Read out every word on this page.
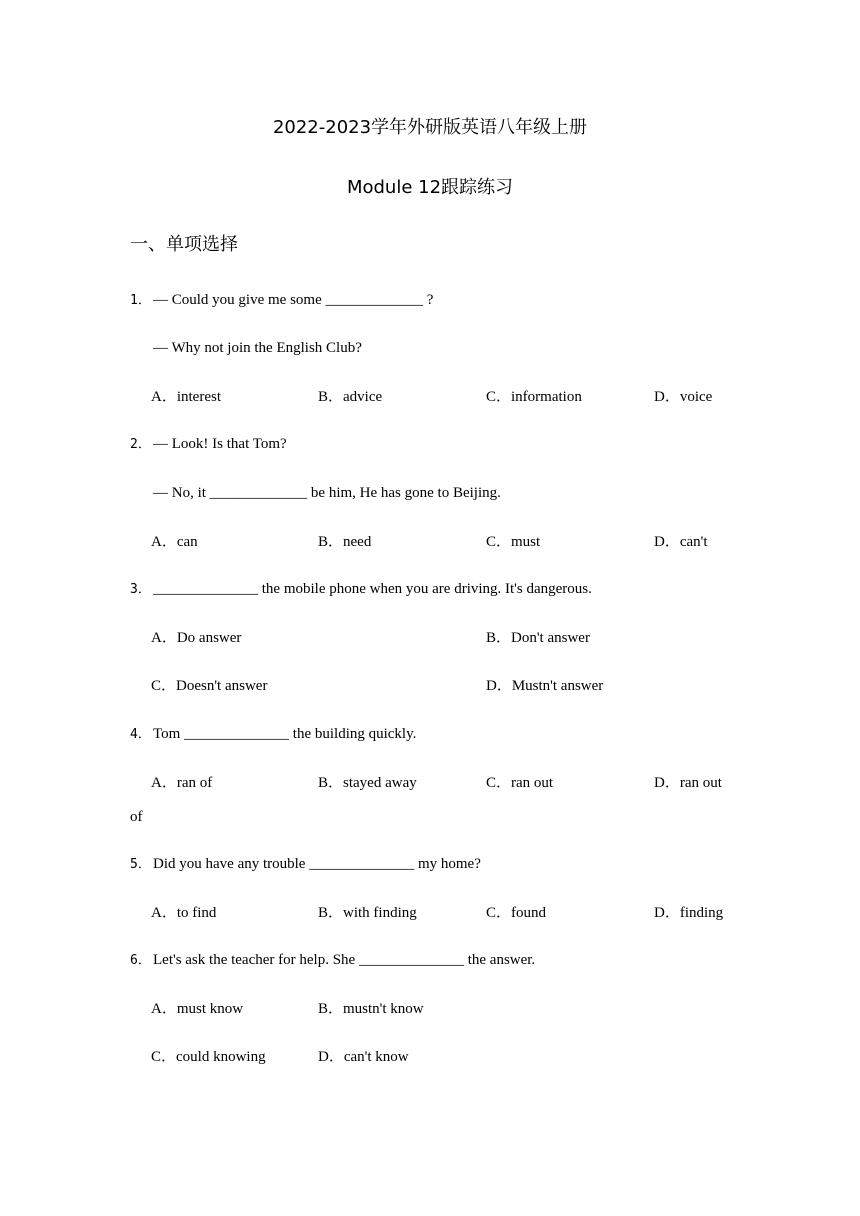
2022-2023学年外研版英语八年级上册
Module 12跟踪练习
一、单项选择
1． — Could you give me some _____________ ?
— Why not join the English Club?
A．interest	B．advice	C．information	D．voice
2． — Look! Is that Tom?
— No, it _____________ be him, He has gone to Beijing.
A．can	B．need	C．must	D．can't
3． ______________ the mobile phone when you are driving. It's dangerous.
A．Do answer	B．Don't answer
C．Doesn't answer	D．Mustn't answer
4． Tom ______________ the building quickly.
A．ran of	B．stayed away	C．ran out	D．ran out
of
5． Did you have any trouble ______________ my home?
A．to find	B．with finding	C．found	D．finding
6． Let's ask the teacher for help. She ______________ the answer.
A．must know	B．mustn't know
C．could knowing	D．can't know
